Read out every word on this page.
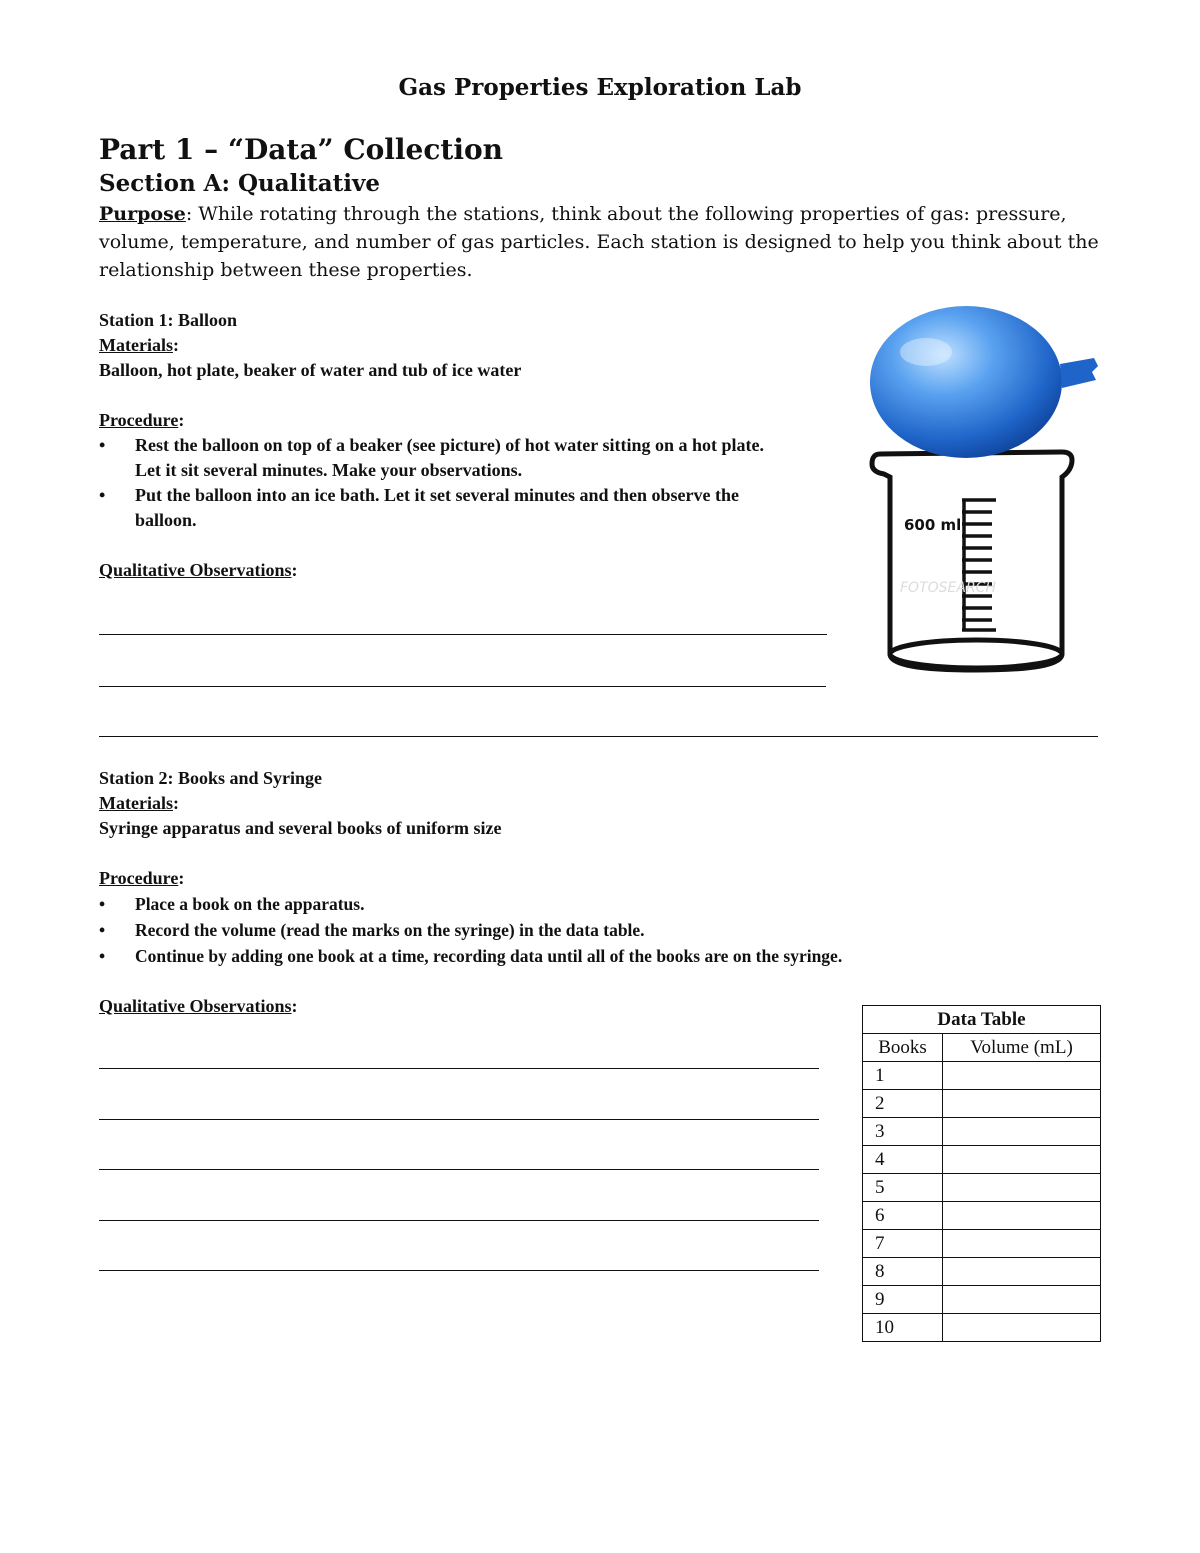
Gas Properties Exploration Lab
Part 1 – “Data” Collection
Section A: Qualitative
Purpose: While rotating through the stations, think about the following properties of gas: pressure, volume, temperature, and number of gas particles. Each station is designed to help you think about the relationship between these properties.
Station 1: Balloon
Materials:
Balloon, hot plate, beaker of water and tub of ice water
Procedure:
• Rest the balloon on top of a beaker (see picture) of hot water sitting on a hot plate. Let it sit several minutes. Make your observations.
• Put the balloon into an ice bath. Let it set several minutes and then observe the balloon.
Qualitative Observations:
600 ml
FOTOSEARCH
Station 2: Books and Syringe
Materials:
Syringe apparatus and several books of uniform size
Procedure:
• Place a book on the apparatus.
• Record the volume (read the marks on the syringe) in the data table.
• Continue by adding one book at a time, recording data until all of the books are on the syringe.
Qualitative Observations:
Data Table	
Books	Volume (mL)
1	
2	
3	
4	
5	
6	
7	
8	
9	
10	
